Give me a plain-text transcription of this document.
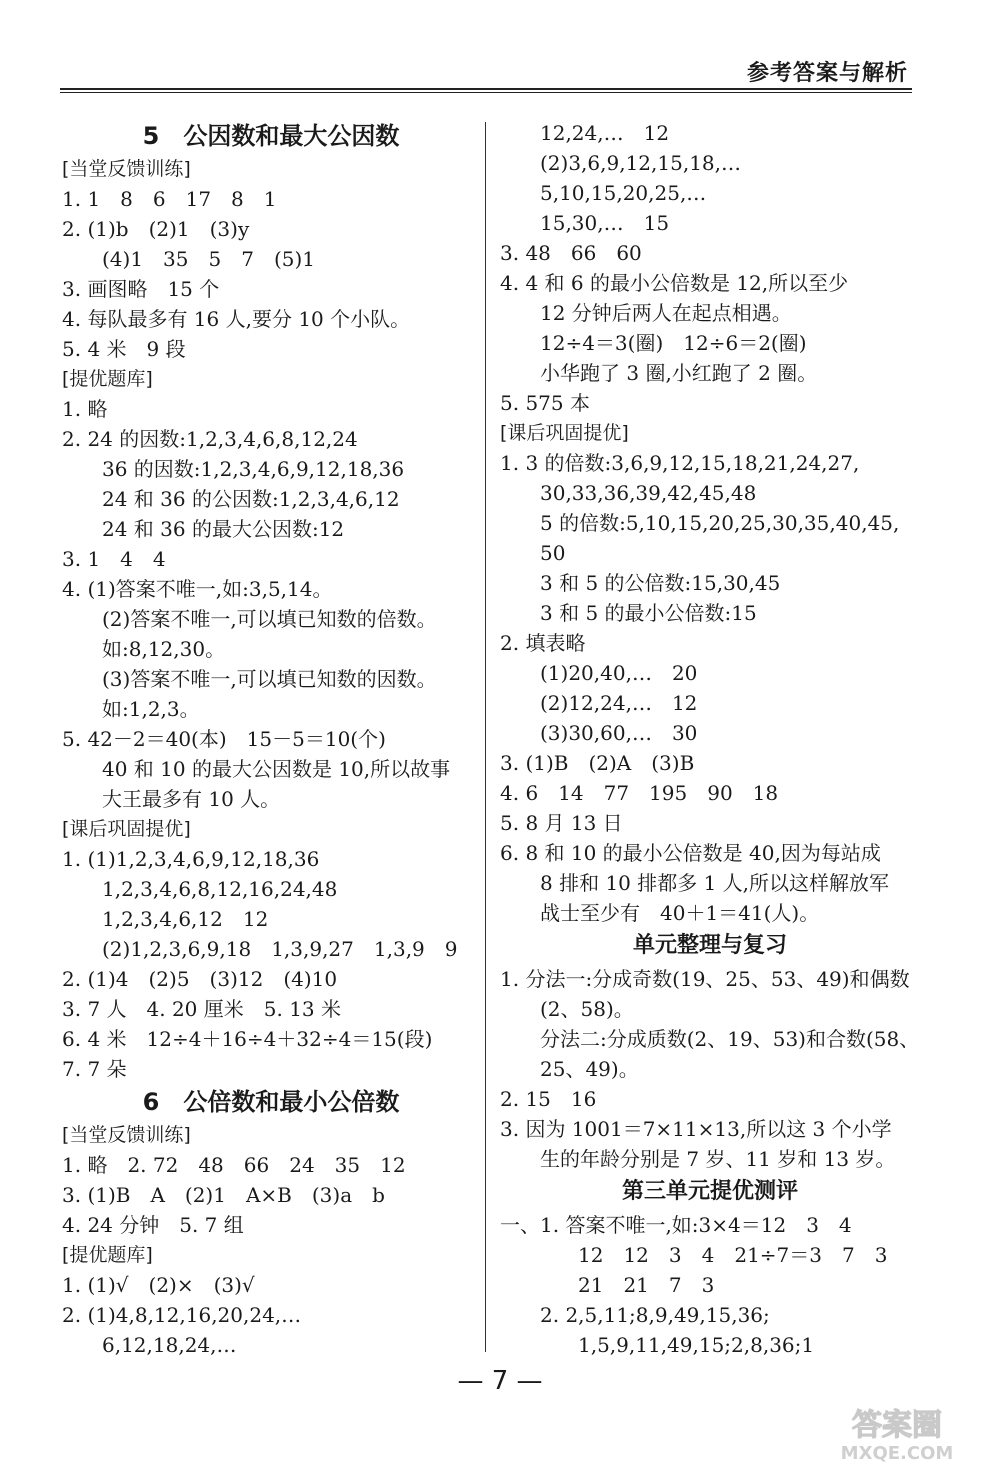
参考答案与解析
5　公因数和最大公因数
[当堂反馈训练]
1. 1　8　6　17　8　1
2. (1)b　(2)1　(3)y
(4)1　35　5　7　(5)1
3. 画图略　15 个
4. 每队最多有 16 人,要分 10 个小队。
5. 4 米　9 段
[提优题库]
1. 略
2. 24 的因数:1,2,3,4,6,8,12,24
36 的因数:1,2,3,4,6,9,12,18,36
24 和 36 的公因数:1,2,3,4,6,12
24 和 36 的最大公因数:12
3. 1　4　4
4. (1)答案不唯一,如:3,5,14。
(2)答案不唯一,可以填已知数的倍数。
如:8,12,30。
(3)答案不唯一,可以填已知数的因数。
如:1,2,3。
5. 42－2＝40(本)　15－5＝10(个)
40 和 10 的最大公因数是 10,所以故事
大王最多有 10 人。
[课后巩固提优]
1. (1)1,2,3,4,6,9,12,18,36
1,2,3,4,6,8,12,16,24,48
1,2,3,4,6,12　12
(2)1,2,3,6,9,18　1,3,9,27　1,3,9　9
2. (1)4　(2)5　(3)12　(4)10
3. 7 人　4. 20 厘米　5. 13 米
6. 4 米　12÷4＋16÷4＋32÷4＝15(段)
7. 7 朵
6　公倍数和最小公倍数
[当堂反馈训练]
1. 略　2. 72　48　66　24　35　12
3. (1)B　A　(2)1　A×B　(3)a　b
4. 24 分钟　5. 7 组
[提优题库]
1. (1)√　(2)×　(3)√
2. (1)4,8,12,16,20,24,…
6,12,18,24,…
12,24,…　12
(2)3,6,9,12,15,18,…
5,10,15,20,25,…
15,30,…　15
3. 48　66　60
4. 4 和 6 的最小公倍数是 12,所以至少
12 分钟后两人在起点相遇。
12÷4＝3(圈)　12÷6＝2(圈)
小华跑了 3 圈,小红跑了 2 圈。
5. 575 本
[课后巩固提优]
1. 3 的倍数:3,6,9,12,15,18,21,24,27,
30,33,36,39,42,45,48
5 的倍数:5,10,15,20,25,30,35,40,45,
50
3 和 5 的公倍数:15,30,45
3 和 5 的最小公倍数:15
2. 填表略
(1)20,40,…　20
(2)12,24,…　12
(3)30,60,…　30
3. (1)B　(2)A　(3)B
4. 6　14　77　195　90　18
5. 8 月 13 日
6. 8 和 10 的最小公倍数是 40,因为每站成
8 排和 10 排都多 1 人,所以这样解放军
战士至少有　40＋1＝41(人)。
单元整理与复习
1. 分法一:分成奇数(19、25、53、49)和偶数
(2、58)。
分法二:分成质数(2、19、53)和合数(58、
25、49)。
2. 15　16
3. 因为 1001＝7×11×13,所以这 3 个小学
生的年龄分别是 7 岁、11 岁和 13 岁。
第三单元提优测评
一、1. 答案不唯一,如:3×4＝12　3　4
12　12　3　4　21÷7＝3　7　3
21　21　7　3
2. 2,5,11;8,9,49,15,36;
1,5,9,11,49,15;2,8,36;1
— 7 —
答案圈
MXQE.COM
